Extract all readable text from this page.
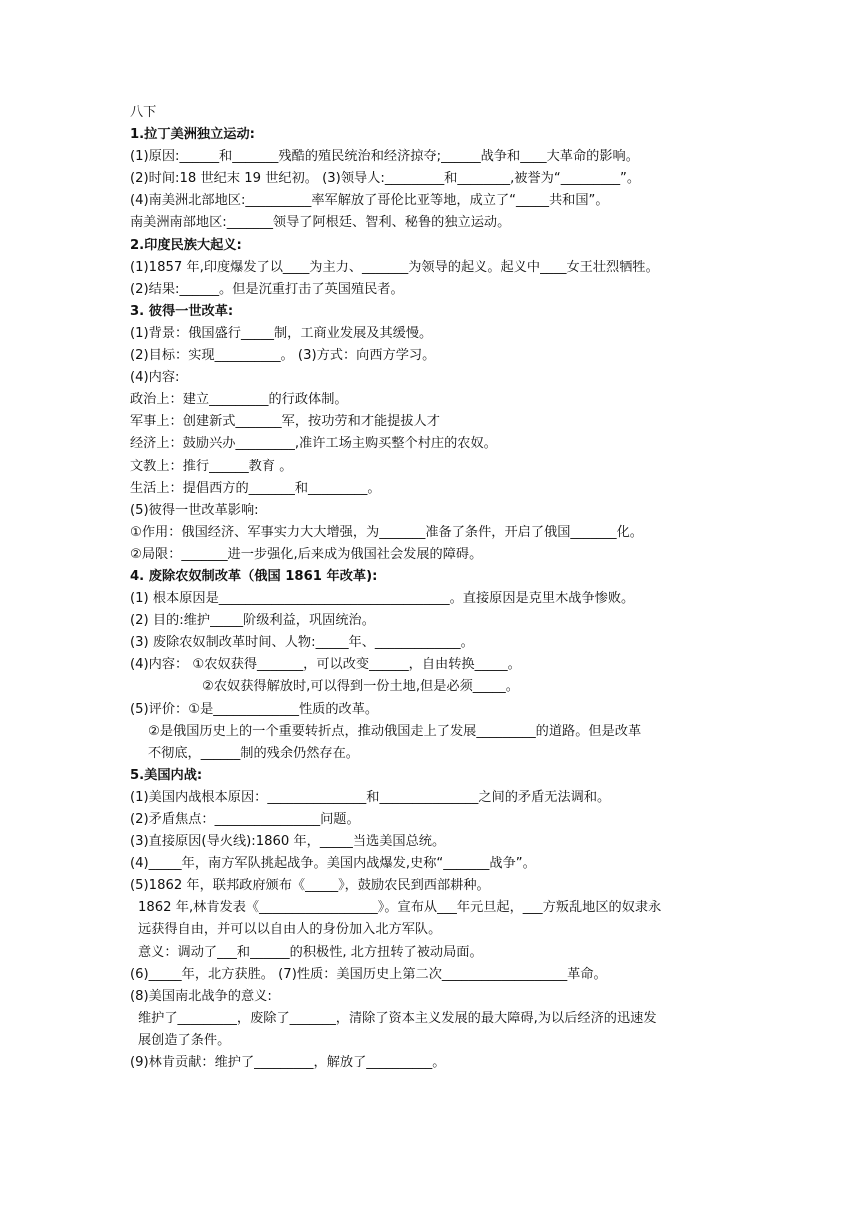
八下
1.拉丁美洲独立运动:
(1)原因:______和_______残酷的殖民统治和经济掠夺;______战争和____大革命的影响。
(2)时间:18 世纪末 19 世纪初。 (3)领导人:_________和________,被誉为“_________”。
(4)南美洲北部地区:__________率军解放了哥伦比亚等地，成立了“_____共和国”。
南美洲南部地区:_______领导了阿根廷、智利、秘鲁的独立运动。
2.印度民族大起义:
(1)1857 年,印度爆发了以____为主力、_______为领导的起义。起义中____女王壮烈牺牲。
(2)结果:______。但是沉重打击了英国殖民者。
3. 彼得一世改革:
(1)背景：俄国盛行_____制，工商业发展及其缓慢。
(2)目标：实现__________。 (3)方式：向西方学习。
(4)内容:
政治上：建立_________的行政体制。
军事上：创建新式_______军，按功劳和才能提拔人才
经济上：鼓励兴办_________,准许工场主购买整个村庄的农奴。
文教上：推行______教育 。
生活上：提倡西方的_______和_________。
(5)彼得一世改革影响:
①作用：俄国经济、军事实力大大增强，为_______准备了条件，开启了俄国_______化。
②局限：_______进一步强化,后来成为俄国社会发展的障碍。
4. 废除农奴制改革（俄国 1861 年改革):
(1) 根本原因是___________________________________。直接原因是克里木战争惨败。
(2) 目的:维护_____阶级利益，巩固统治。
(3) 废除农奴制改革时间、人物:_____年、_____________。
(4)内容： ①农奴获得_______，可以改变______，自由转换_____。
②农奴获得解放时,可以得到一份土地,但是必须_____。
(5)评价：①是_____________性质的改革。
②是俄国历史上的一个重要转折点，推动俄国走上了发展_________的道路。但是改革
不彻底，______制的残余仍然存在。
5.美国内战:
(1)美国内战根本原因：_______________和_______________之间的矛盾无法调和。
(2)矛盾焦点：________________问题。
(3)直接原因(导火线):1860 年，_____当选美国总统。
(4)_____年，南方军队挑起战争。美国内战爆发,史称“_______战争”。
(5)1862 年，联邦政府颁布《_____》，鼓励农民到西部耕种。
1862 年,林肯发表《__________________》。宣布从___年元旦起，___方叛乱地区的奴隶永
远获得自由，并可以以自由人的身份加入北方军队。
意义：调动了___和______的积极性, 北方扭转了被动局面。
(6)_____年，北方获胜。 (7)性质：美国历史上第二次___________________革命。
(8)美国南北战争的意义:
维护了_________，废除了_______，清除了资本主义发展的最大障碍,为以后经济的迅速发
展创造了条件。
(9)林肯贡献：维护了_________，解放了__________。
